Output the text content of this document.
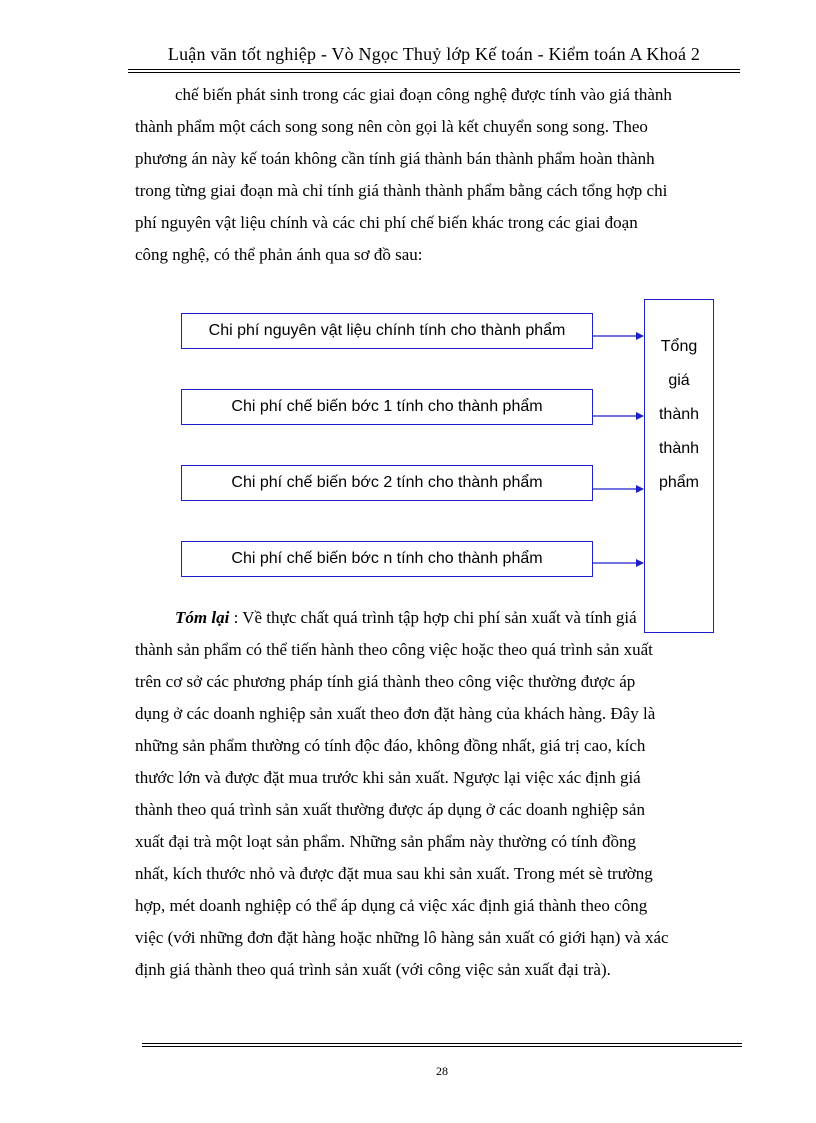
Luận văn tốt nghiệp - Vò Ngọc Thuỷ lớp Kế toán - Kiểm toán A Khoá 2

chế biến phát sinh trong các giai đoạn công nghệ được tính vào giá thành

thành phẩm một cách song song nên còn gọi là kết chuyển song song. Theo

phương án này kế toán không cần tính giá thành bán thành phẩm hoàn thành

trong từng giai đoạn mà chỉ tính giá thành thành phẩm bằng cách tổng hợp chi

phí nguyên vật liệu chính và các chi phí chế biến khác trong các giai đoạn

công nghệ, có thể phản ánh qua sơ đồ sau:

Chi phí nguyên vật liệu chính tính cho thành phẩm
Chi phí chế biến bớc 1 tính cho thành phẩm
Chi phí chế biến bớc 2 tính cho thành phẩm
Chi phí chế biến bớc n tính cho thành phẩm
Tổng
giá
thành
thành
phẩm

Tóm lại : Về thực chất quá trình tập hợp chi phí sản xuất và tính giá

thành sản phẩm có thể tiến hành theo công việc hoặc theo quá trình sản xuất

trên cơ sở các phương pháp tính giá thành theo công việc thường được áp

dụng ở các doanh nghiệp sản xuất theo đơn đặt hàng của khách hàng. Đây là

những sản phẩm thường có tính độc đáo, không đồng nhất, giá trị cao, kích

thước lớn và được đặt mua trước khi sản xuất. Ngược lại việc xác định giá

thành theo quá trình sản xuất thường được áp dụng ở các doanh nghiệp sản

xuất đại trà một loạt sản phẩm. Những sản phẩm này thường có tính đồng

nhất, kích thước nhỏ và được đặt mua sau khi sản xuất. Trong mét sè trường

hợp, mét doanh nghiệp có thể áp dụng cả việc xác định giá thành theo công

việc (với những đơn đặt hàng hoặc những lô hàng sản xuất có giới hạn) và xác

định giá thành theo quá trình sản xuất (với công việc sản xuất đại trà).

28
